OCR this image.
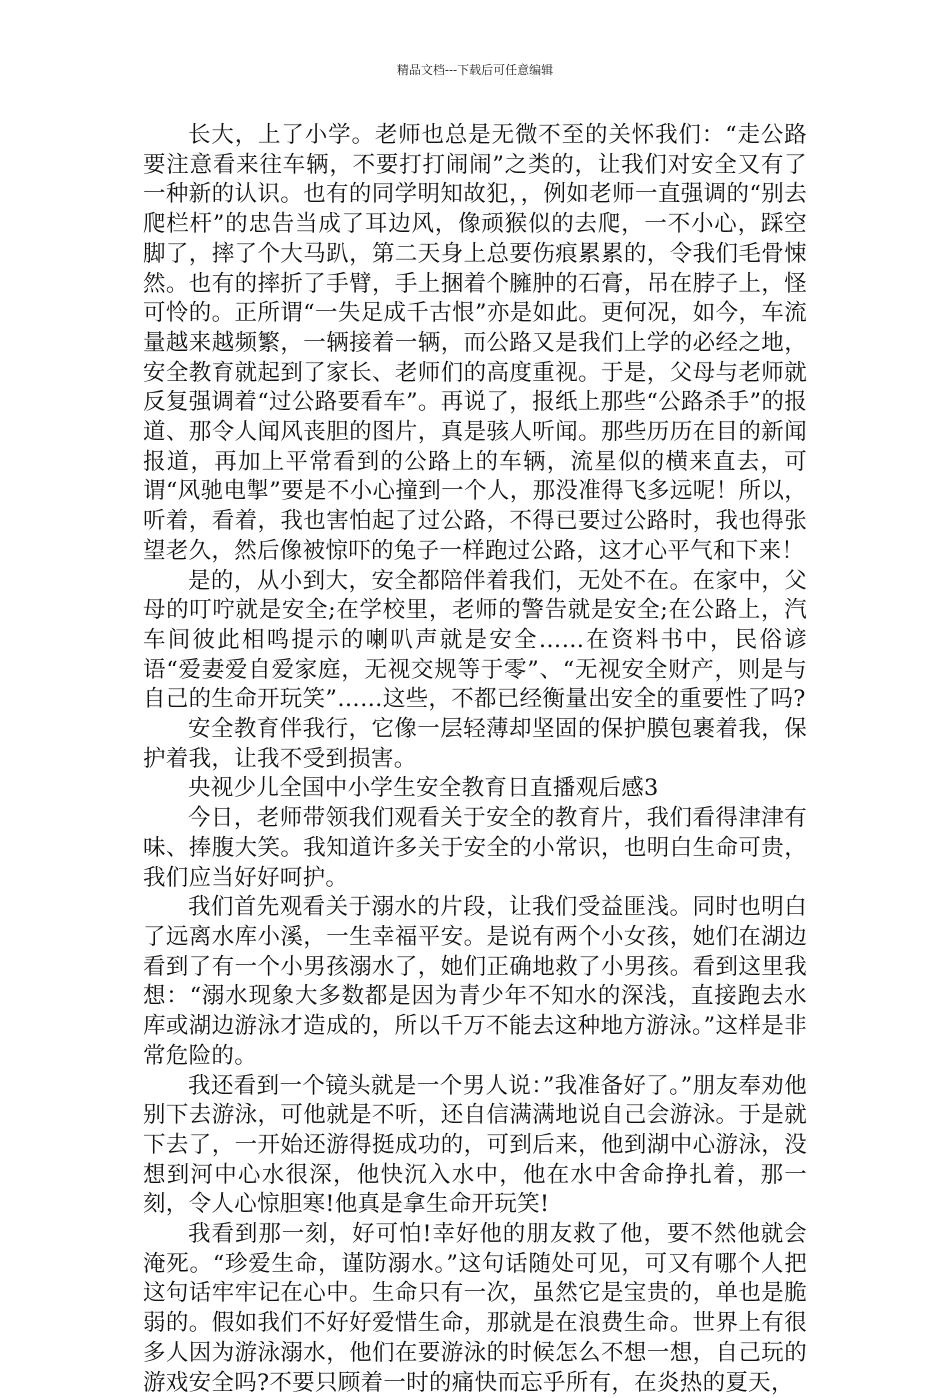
精品文档---下载后可任意编辑

长大，上了小学。老师也总是无微不至的关怀我们：“走公路要注意看来往车辆，不要打打闹闹”之类的，让我们对安全又有了一种新的认识。也有的同学明知故犯，，例如老师一直强调的“别去爬栏杆”的忠告当成了耳边风，像顽猴似的去爬，一不小心，踩空脚了，摔了个大马趴，第二天身上总要伤痕累累的，令我们毛骨悚然。也有的摔折了手臂，手上捆着个臃肿的石膏，吊在脖子上，怪可怜的。正所谓“一失足成千古恨”亦是如此。更何况，如今，车流量越来越频繁，一辆接着一辆，而公路又是我们上学的必经之地，安全教育就起到了家长、老师们的高度重视。于是，父母与老师就反复强调着“过公路要看车”。再说了，报纸上那些“公路杀手”的报道、那令人闻风丧胆的图片，真是骇人听闻。那些历历在目的新闻报道，再加上平常看到的公路上的车辆，流星似的横来直去，可谓“风驰电掣”要是不小心撞到一个人，那没准得飞多远呢！所以，听着，看着，我也害怕起了过公路，不得已要过公路时，我也得张望老久，然后像被惊吓的兔子一样跑过公路，这才心平气和下来！

是的，从小到大，安全都陪伴着我们，无处不在。在家中，父母的叮咛就是安全;在学校里，老师的警告就是安全;在公路上，汽车间彼此相鸣提示的喇叭声就是安全……在资料书中，民俗谚语“爱妻爱自爱家庭，无视交规等于零”、“无视安全财产，则是与自己的生命开玩笑”……这些，不都已经衡量出安全的重要性了吗?

安全教育伴我行，它像一层轻薄却坚固的保护膜包裹着我，保护着我，让我不受到损害。

央视少儿全国中小学生安全教育日直播观后感3

今日，老师带领我们观看关于安全的教育片，我们看得津津有味、捧腹大笑。我知道许多关于安全的小常识，也明白生命可贵，我们应当好好呵护。

我们首先观看关于溺水的片段，让我们受益匪浅。同时也明白了远离水库小溪，一生幸福平安。是说有两个小女孩，她们在湖边看到了有一个小男孩溺水了，她们正确地救了小男孩。看到这里我想：“溺水现象大多数都是因为青少年不知水的深浅，直接跑去水库或湖边游泳才造成的，所以千万不能去这种地方游泳。”这样是非常危险的。

我还看到一个镜头就是一个男人说：”我准备好了。”朋友奉劝他别下去游泳，可他就是不听，还自信满满地说自己会游泳。于是就下去了，一开始还游得挺成功的，可到后来，他到湖中心游泳，没想到河中心水很深，他快沉入水中，他在水中舍命挣扎着，那一刻，令人心惊胆寒!他真是拿生命开玩笑!

我看到那一刻，好可怕!幸好他的朋友救了他，要不然他就会淹死。“珍爱生命，谨防溺水。”这句话随处可见，可又有哪个人把这句话牢牢记在心中。生命只有一次，虽然它是宝贵的，单也是脆弱的。假如我们不好好爱惜生命，那就是在浪费生命。世界上有很多人因为游泳溺水，他们在要游泳的时候怎么不想一想，自己玩的游戏安全吗?不要只顾着一时的痛快而忘乎所有，在炎热的夏天，
